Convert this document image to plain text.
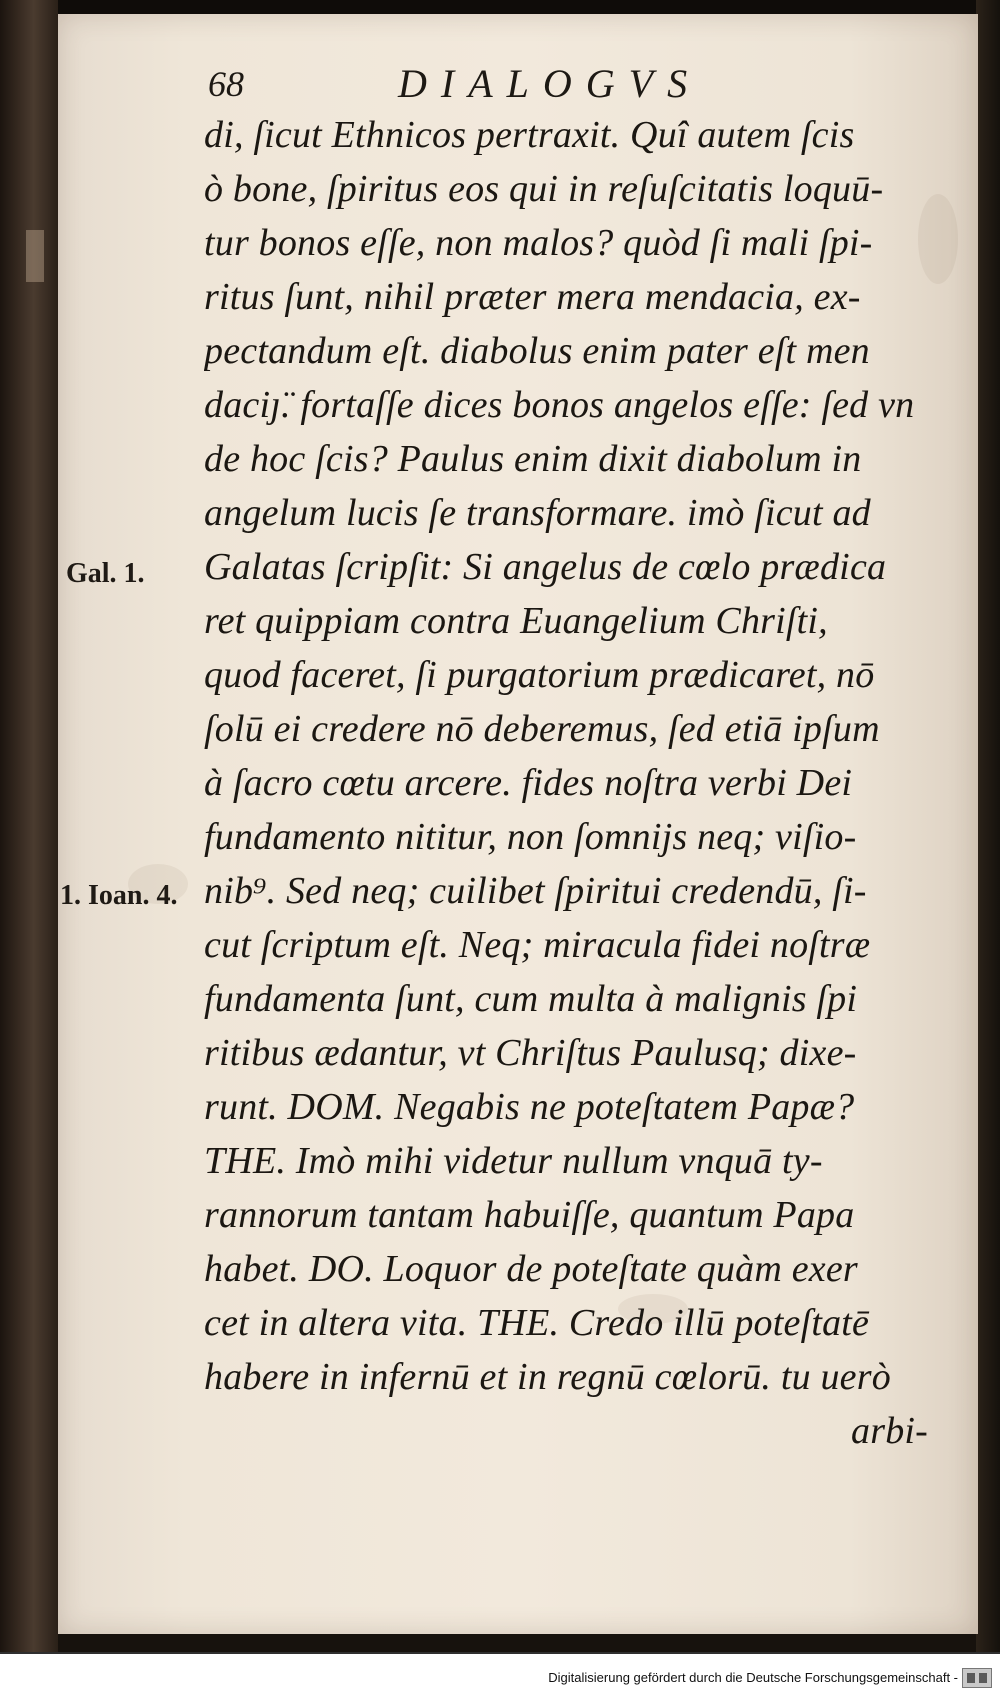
68	DIALOGVS
Gal. 1.
1. Ioan. 4.
di, ſicut Ethnicos pertraxit. Quî autem ſcis
ò bone, ſpiritus eos qui in reſuſcitatis loquū-
tur bonos eſſe, non malos? quòd ſi mali ſpi-
ritus ſunt, nihil præter mera mendacia, ex-
pectandum eſt. diabolus enim pater eſt men
daciȷ̈. fortaſſe dices bonos angelos eſſe: ſed vn
de hoc ſcis? Paulus enim dixit diabolum in
angelum lucis ſe transformare. imò ſicut ad
Galatas ſcripſit: Si angelus de cœlo prædica
ret quippiam contra Euangelium Chriſti,
quod faceret, ſi purgatorium prædicaret, nō
ſolū ei credere nō deberemus, ſed etiā ipſum
à ſacro cœtu arcere. fides noſtra verbi Dei
fundamento nititur, non ſomnijs neq; viſio-
nib⁹. Sed neq; cuilibet ſpiritui credendū, ſi-
cut ſcriptum eſt. Neq; miracula fidei noſtræ
fundamenta ſunt, cum multa à malignis ſpi
ritibus ædantur, vt Chriſtus Paulusq; dixe-
runt. DOM. Negabis ne poteſtatem Papæ?
THE. Imò mihi videtur nullum vnquā ty-
rannorum tantam habuiſſe, quantum Papa
habet. DO. Loquor de poteſtate quàm exer
cet in altera vita. THE. Credo illū poteſtatē
habere in infernū et in regnū cœlorū. tu uerò
arbi-
Digitalisierung gefördert durch die Deutsche Forschungsgemeinschaft -
